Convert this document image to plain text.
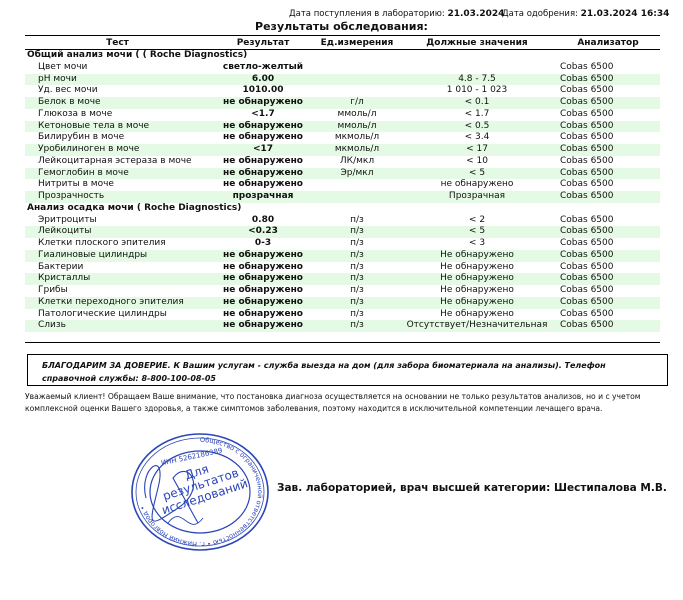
Дата поступления в лабораторию: 21.03.2024
Дата одобрения: 21.03.2024 16:34
Результаты обследования:
Тест	Результат	Ед.измерения	Должные значения	Анализатор
Общий анализ мочи ( ( Roche Diagnostics)				
Цвет мочи	светло-желтый			Cobas 6500
pH мочи	6.00		4.8 - 7.5	Cobas 6500
Уд. вес мочи	1010.00		1 010 - 1 023	Cobas 6500
Белок в моче	не обнаружено	г/л	< 0.1	Cobas 6500
Глюкоза в моче	<1.7	ммоль/л	< 1.7	Cobas 6500
Кетоновые тела в моче	не обнаружено	ммоль/л	< 0.5	Cobas 6500
Билирубин в моче	не обнаружено	мкмоль/л	< 3.4	Cobas 6500
Уробилиноген в моче	<17	мкмоль/л	< 17	Cobas 6500
Лейкоцитарная эстераза в моче	не обнаружено	ЛК/мкл	< 10	Cobas 6500
Гемоглобин в моче	не обнаружено	Эр/мкл	< 5	Cobas 6500
Нитриты в моче	не обнаружено		не обнаружено	Cobas 6500
Прозрачность	прозрачная		Прозрачная	Cobas 6500
Анализ осадка мочи ( Roche Diagnostics)				
Эритроциты	0.80	п/з	< 2	Cobas 6500
Лейкоциты	<0.23	п/з	< 5	Cobas 6500
Клетки плоского эпителия	0-3	п/з	< 3	Cobas 6500
Гиалиновые цилиндры	не обнаружено	п/з	Не обнаружено	Cobas 6500
Бактерии	не обнаружено	п/з	Не обнаружено	Cobas 6500
Кристаллы	не обнаружено	п/з	Не обнаружено	Cobas 6500
Грибы	не обнаружено	п/з	Не обнаружено	Cobas 6500
Клетки переходного эпителия	не обнаружено	п/з	Не обнаружено	Cobas 6500
Патологические цилиндры	не обнаружено	п/з	Не обнаружено	Cobas 6500
Слизь	не обнаружено	п/з	Отсутствует/Незначительная	Cobas 6500
БЛАГОДАРИМ ЗА ДОВЕРИЕ. К Вашим услугам - служба выезда на дом (для забора биоматериала на анализы). Телефон справочной службы: 8-800-100-08-05
Уважаемый клиент! Обращаем Ваше внимание, что постановка диагноза осуществляется на основании не только результатов анализов, но и с учетом комплексной оценки Вашего здоровья, а также симптомов заболевания, поэтому находится в исключительной компетенции лечащего врача.
Общество с ограниченной ответственностью • г. Нижний Новгород •
ИНН 5262186389
Для результатов исследований	Зав. лабораторией, врач высшей категории: Шестипалова М.В.
